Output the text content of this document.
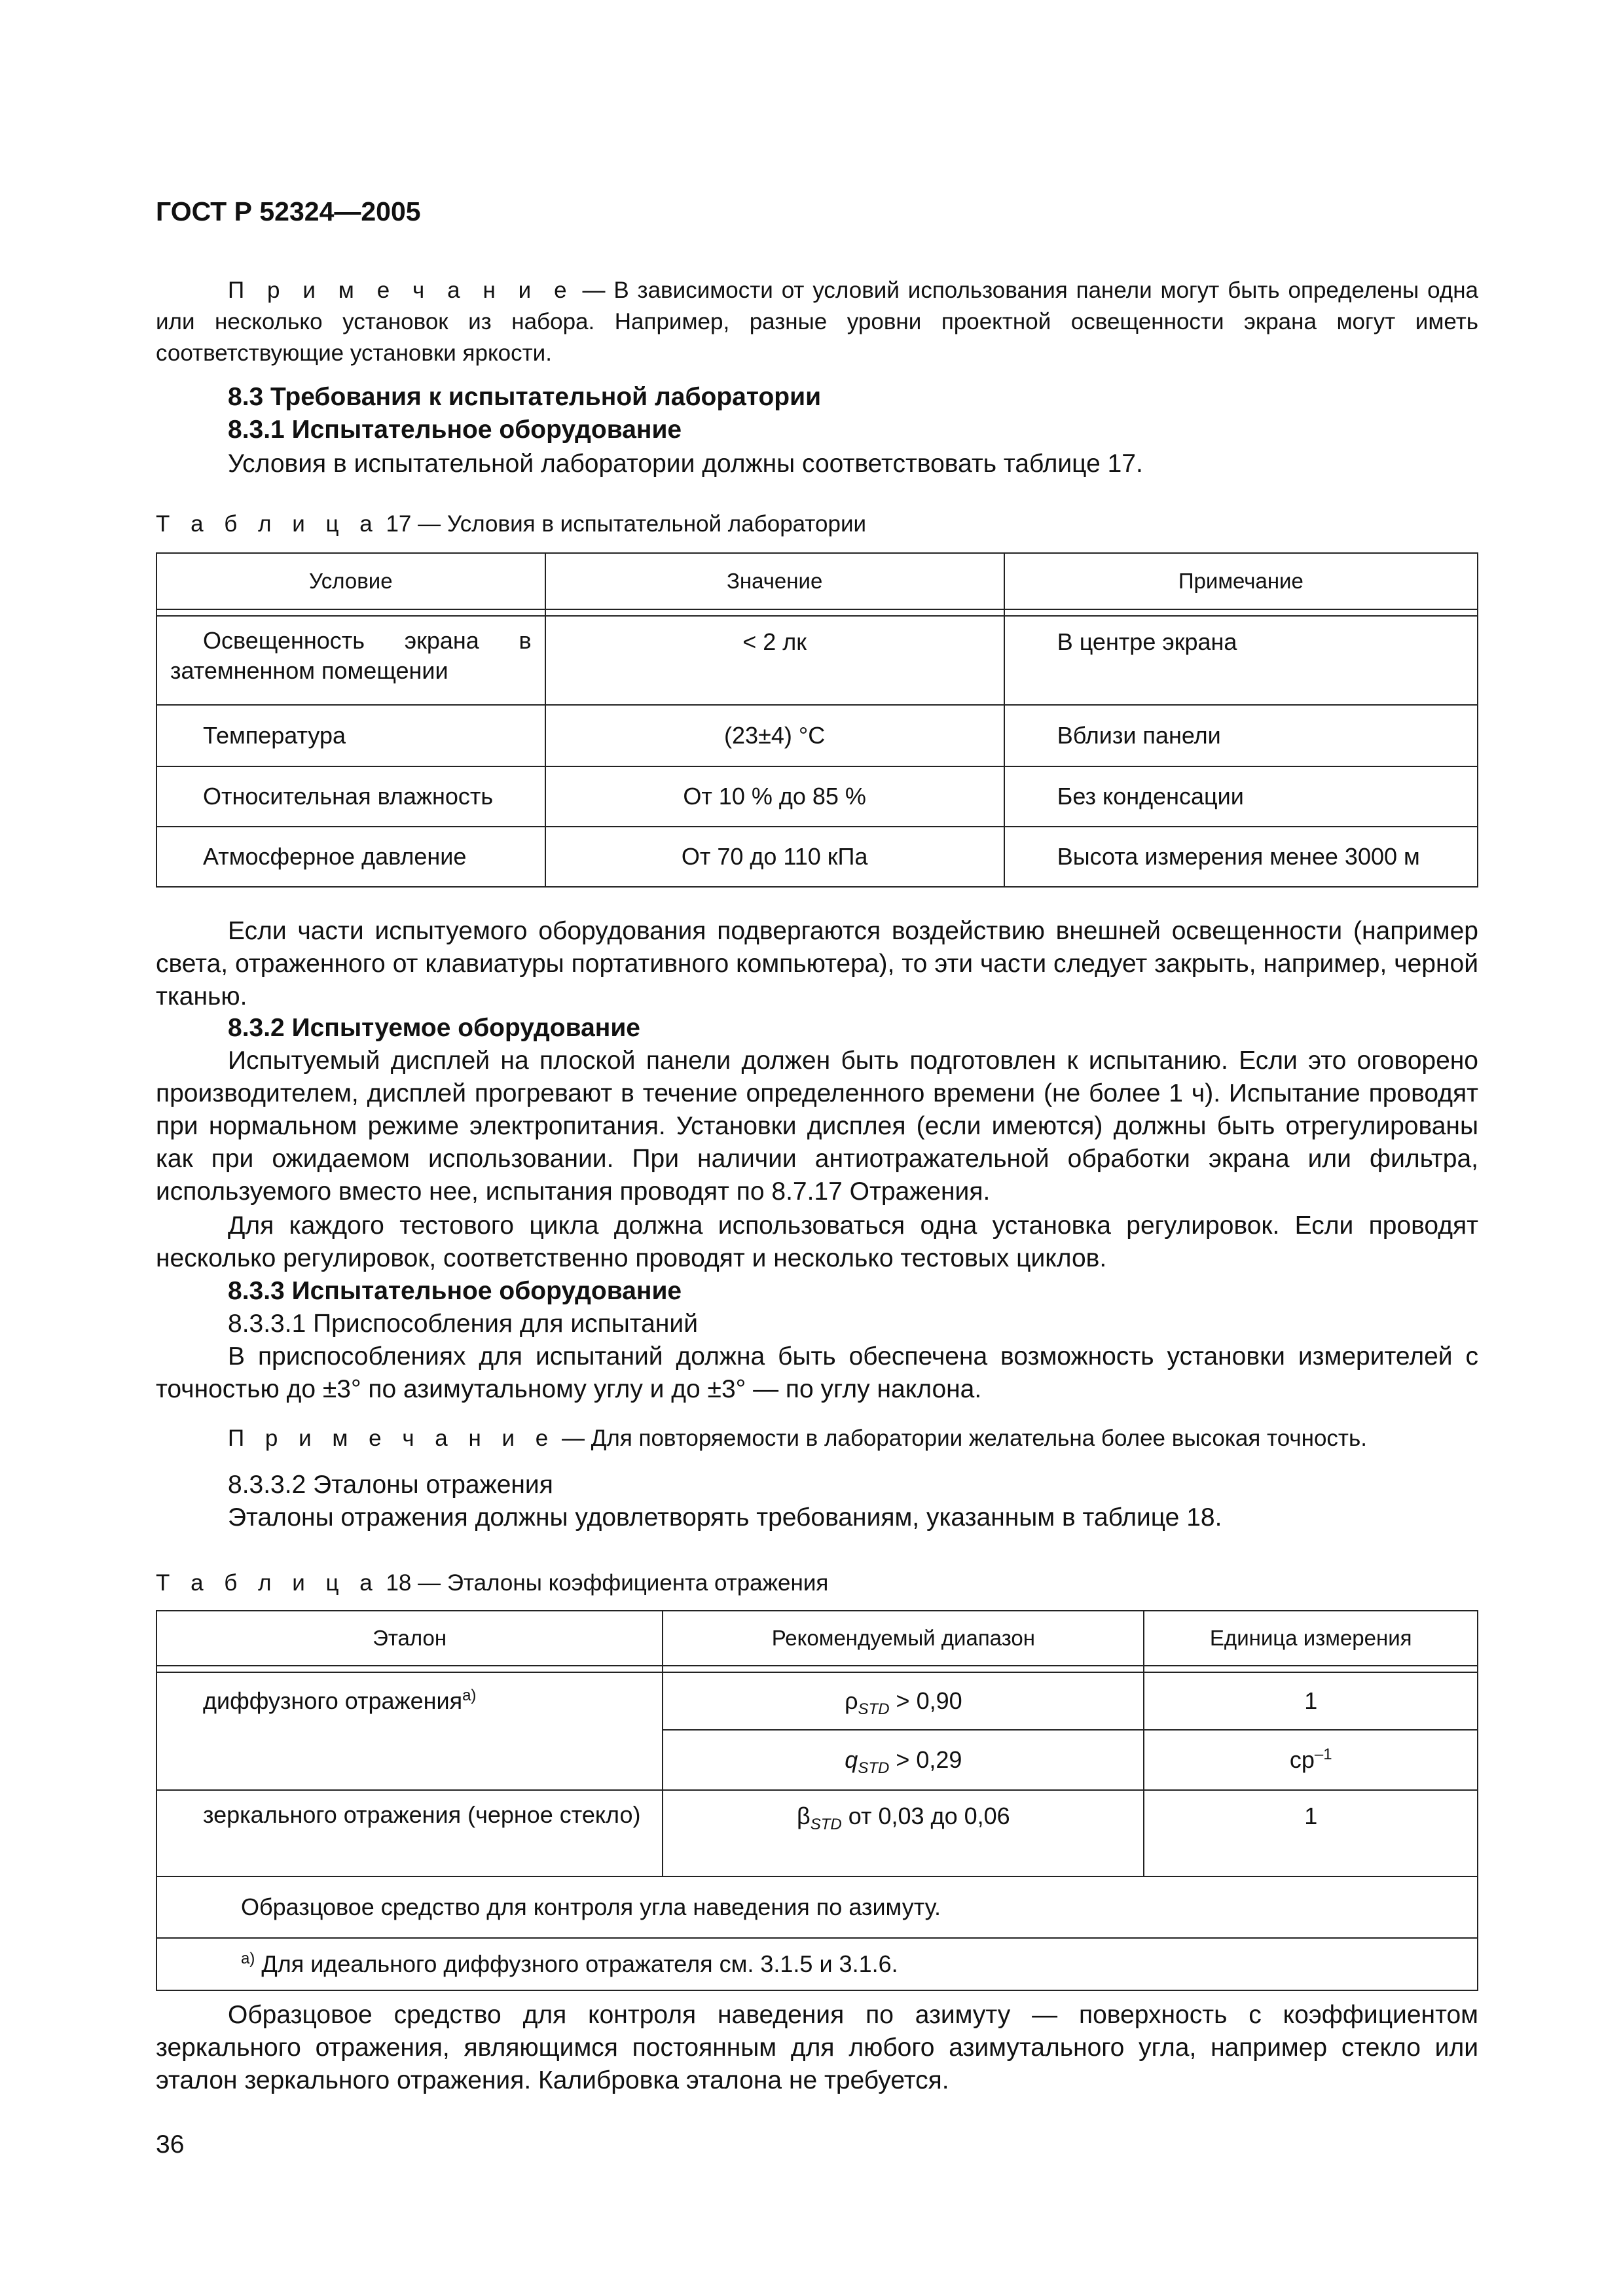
ГОСТ Р 52324—2005
П р и м е ч а н и е — В зависимости от условий использования панели могут быть определены одна или несколько установок из набора. Например, разные уровни проектной освещенности экрана могут иметь соответствующие установки яркости.
8.3 Требования к испытательной лаборатории
8.3.1 Испытательное оборудование
Условия в испытательной лаборатории должны соответствовать таблице 17.
Т а б л и ц а 17 — Условия в испытательной лаборатории
Условие	Значение	Примечание

Освещенность экрана в затемненном помещении	< 2 лк	В центре экрана
Температура	(23±4) °C	Вблизи панели
Относительная влажность	От 10 % до 85 %	Без конденсации
Атмосферное давление	От 70 до 110 кПа	Высота измерения менее 3000 м
Если части испытуемого оборудования подвергаются воздействию внешней освещенности (например света, отраженного от клавиатуры портативного компьютера), то эти части следует закрыть, например, черной тканью.
8.3.2 Испытуемое оборудование
Испытуемый дисплей на плоской панели должен быть подготовлен к испытанию. Если это оговорено производителем, дисплей прогревают в течение определенного времени (не более 1 ч). Испытание проводят при нормальном режиме электропитания. Установки дисплея (если имеются) должны быть отрегулированы как при ожидаемом использовании. При наличии антиотражательной обработки экрана или фильтра, используемого вместо нее, испытания проводят по 8.7.17 Отражения.
Для каждого тестового цикла должна использоваться одна установка регулировок. Если проводят несколько регулировок, соответственно проводят и несколько тестовых циклов.
8.3.3 Испытательное оборудование
8.3.3.1 Приспособления для испытаний
В приспособлениях для испытаний должна быть обеспечена возможность установки измерителей с точностью до ±3° по азимутальному углу и до ±3° — по углу наклона.
П р и м е ч а н и е — Для повторяемости в лаборатории желательна более высокая точность.
8.3.3.2 Эталоны отражения
Эталоны отражения должны удовлетворять требованиям, указанным в таблице 18.
Т а б л и ц а 18 — Эталоны коэффициента отражения
Эталон	Рекомендуемый диапазон	Единица измерения

диффузного отражения$^{а)}$	$\rho_{STD} > 0,90$	1
	$q_{STD} > 0,29$	$ср^{-1}$
зеркального отражения (черное стекло)	$\beta_{STD}$ от 0,03 до 0,06	1
Образцовое средство для контроля угла наведения по азимуту.		
$^{а)}$ Для идеального диффузного отражателя см. 3.1.5 и 3.1.6.		
Образцовое средство для контроля наведения по азимуту — поверхность с коэффициентом зеркального отражения, являющимся постоянным для любого азимутального угла, например стекло или эталон зеркального отражения. Калибровка эталона не требуется.
36
